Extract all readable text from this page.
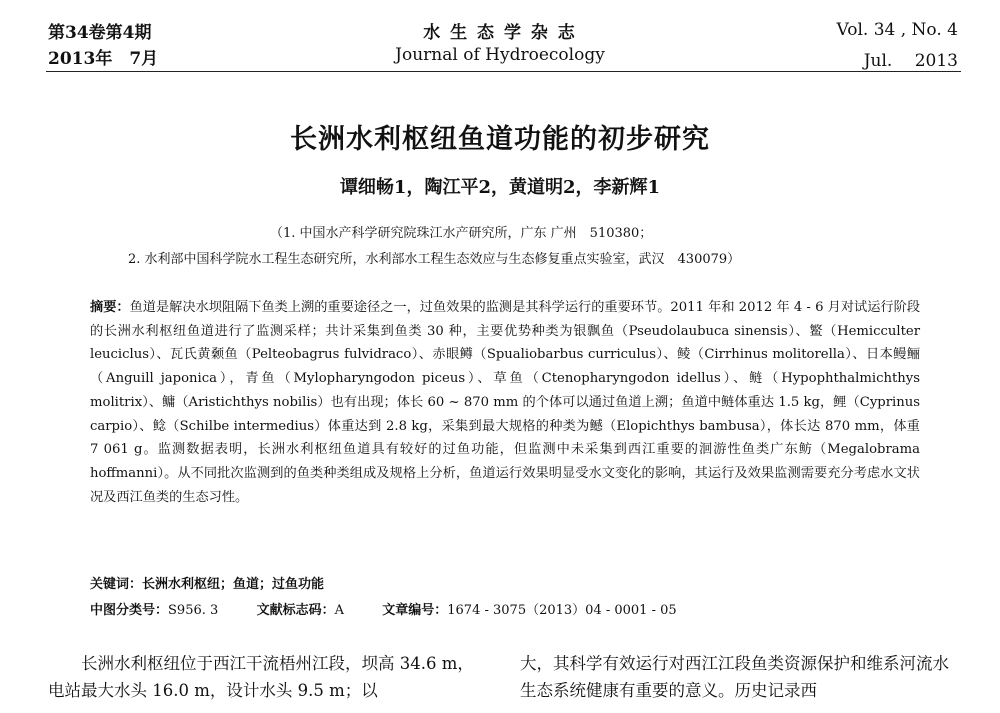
第34卷第4期
2013年　7月
水 生 态 学 杂 志
Journal of Hydroecology
Vol. 34 , No. 4
Jul.　 2013
长洲水利枢纽鱼道功能的初步研究
谭细畅1，陶江平2，黄道明2，李新辉1
（1. 中国水产科学研究院珠江水产研究所，广东 广州　510380；
2. 水利部中国科学院水工程生态研究所，水利部水工程生态效应与生态修复重点实验室，武汉　430079）
摘要：鱼道是解决水坝阻隔下鱼类上溯的重要途径之一，过鱼效果的监测是其科学运行的重要环节。2011 年和 2012 年 4 - 6 月对试运行阶段的长洲水利枢纽鱼道进行了监测采样；共计采集到鱼类 30 种，主要优势种类为银飘鱼（Pseudolaubuca sinensis）、鳘（Hemicculter leuciclus）、瓦氏黄颡鱼（Pelteobagrus fulvidraco）、赤眼鳟（Spualiobarbus curriculus）、鲮（Cirrhinus molitorella）、日本鳗鲡（Anguill japonica），青鱼（Mylopharyngodon piceus）、草鱼（Ctenopharyngodon idellus）、鲢（Hypophthalmichthys molitrix）、鳙（Aristichthys nobilis）也有出现；体长 60 ~ 870 mm 的个体可以通过鱼道上溯；鱼道中鲢体重达 1.5 kg，鲤（Cyprinus carpio）、鲶（Schilbe intermedius）体重达到 2.8 kg，采集到最大规格的种类为鳡（Elopichthys bambusa），体长达 870 mm，体重 7 061 g。监测数据表明，长洲水利枢纽鱼道具有较好的过鱼功能，但监测中未采集到西江重要的洄游性鱼类广东鲂（Megalobrama hoffmanni）。从不同批次监测到的鱼类种类组成及规格上分析，鱼道运行效果明显受水文变化的影响，其运行及效果监测需要充分考虑水文状况及西江鱼类的生态习性。
关键词：长洲水利枢纽；鱼道；过鱼功能
中图分类号：S956. 3	文献标志码：A	文章编号：1674 - 3075（2013）04 - 0001 - 05
长洲水利枢纽位于西江干流梧州江段，坝高 34.6 m，电站最大水头 16.0 m，设计水头 9.5 m；以
大，其科学有效运行对西江江段鱼类资源保护和维系河流水生态系统健康有重要的意义。历史记录西
